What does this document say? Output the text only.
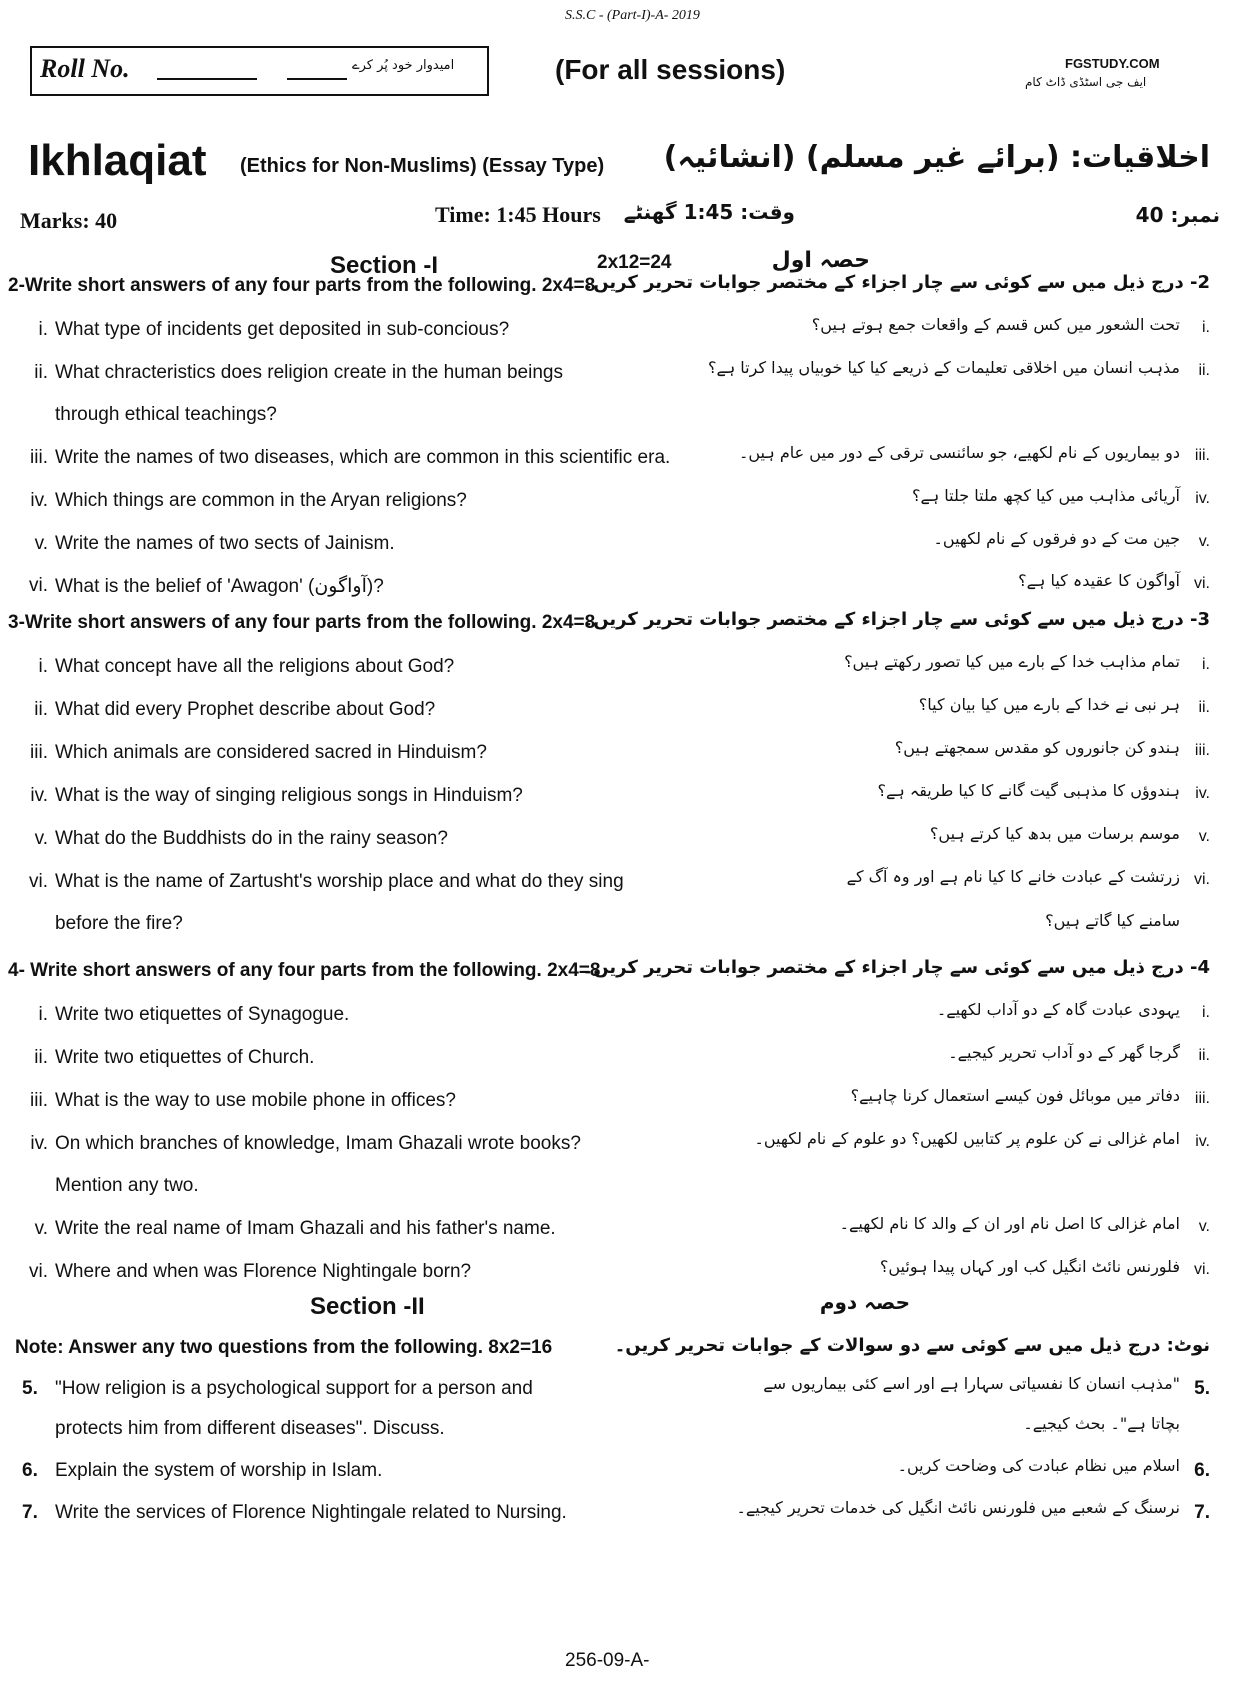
S.S.C - (Part-I)-A- 2019
Roll No.	امیدوار خود پُر کرے	(For all sessions)	FGSTUDY.COM
ایف جی اسٹڈی ڈاٹ کام
Ikhlaqiat (Ethics for Non-Muslims) (Essay Type) اخلاقیات: (برائے غیر مسلم) (انشائیہ)
Marks: 40	Time: 1:45 Hours وقت: 1:45 گھنٹے	نمبر: 40
Section -I	2x12=24	حصہ اول
2-Write short answers of any four parts from the following. 2x4=8
2- درج ذیل میں سے کوئی سے چار اجزاء کے مختصر جوابات تحریر کریں۔
i. What type of incidents get deposited in sub-concious?	تحت الشعور میں کس قسم کے واقعات جمع ہوتے ہیں؟ i.
ii. What chracteristics does religion create in the human beings	مذہب انسان میں اخلاقی تعلیمات کے ذریعے کیا کیا خوبیاں پیدا کرتا ہے؟ ii.
through ethical teachings?
iii. Write the names of two diseases, which are common in this scientific era.	دو بیماریوں کے نام لکھیے، جو سائنسی ترقی کے دور میں عام ہیں۔ iii.
iv. Which things are common in the Aryan religions?	آریائی مذاہب میں کیا کچھ ملتا جلتا ہے؟ iv.
v. Write the names of two sects of Jainism.	جین مت کے دو فرقوں کے نام لکھیں۔ v.
vi. What is the belief of 'Awagon' (آواگون)?	آواگون کا عقیدہ کیا ہے؟ vi.
3-Write short answers of any four parts from the following. 2x4=8
3- درج ذیل میں سے کوئی سے چار اجزاء کے مختصر جوابات تحریر کریں۔
i. What concept have all the religions about God?	تمام مذاہب خدا کے بارے میں کیا تصور رکھتے ہیں؟ i.
ii. What did every Prophet describe about God?	ہر نبی نے خدا کے بارے میں کیا بیان کیا؟ ii.
iii. Which animals are considered sacred in Hinduism?	ہندو کن جانوروں کو مقدس سمجھتے ہیں؟ iii.
iv. What is the way of singing religious songs in Hinduism?	ہندوؤں کا مذہبی گیت گانے کا کیا طریقہ ہے؟ iv.
v. What do the Buddhists do in the rainy season?	موسم برسات میں بدھ کیا کرتے ہیں؟ v.
vi. What is the name of Zartusht's worship place and what do they sing	زرتشت کے عبادت خانے کا کیا نام ہے اور وہ آگ کے vi.
سامنے کیا گاتے ہیں؟
before the fire?
4- Write short answers of any four parts from the following. 2x4=8
4- درج ذیل میں سے کوئی سے چار اجزاء کے مختصر جوابات تحریر کریں۔
i. Write two etiquettes of Synagogue.	یہودی عبادت گاہ کے دو آداب لکھیے۔ i.
ii. Write two etiquettes of Church.	گرجا گھر کے دو آداب تحریر کیجیے۔ ii.
iii. What is the way to use mobile phone in offices?	دفاتر میں موبائل فون کیسے استعمال کرنا چاہیے؟ iii.
iv. On which branches of knowledge, Imam Ghazali wrote books?	امام غزالی نے کن علوم پر کتابیں لکھیں؟ دو علوم کے نام لکھیں۔ iv.
Mention any two.
v. Write the real name of Imam Ghazali and his father's name.	امام غزالی کا اصل نام اور ان کے والد کا نام لکھیے۔ v.
vi. Where and when was Florence Nightingale born?	فلورنس نائٹ انگیل کب اور کہاں پیدا ہوئیں؟ vi.
Section -II	حصہ دوم
Note: Answer any two questions from the following. 8x2=16	نوٹ: درج ذیل میں سے کوئی سے دو سوالات کے جوابات تحریر کریں۔
5. "How religion is a psychological support for a person and	"مذہب انسان کا نفسیاتی سہارا ہے اور اسے کئی بیماریوں سے 5.
بچاتا ہے"۔ بحث کیجیے۔
protects him from different diseases". Discuss.
6. Explain the system of worship in Islam.	اسلام میں نظام عبادت کی وضاحت کریں۔ 6.
7. Write the services of Florence Nightingale related to Nursing.	نرسنگ کے شعبے میں فلورنس نائٹ انگیل کی خدمات تحریر کیجیے۔ 7.
256-09-A-
